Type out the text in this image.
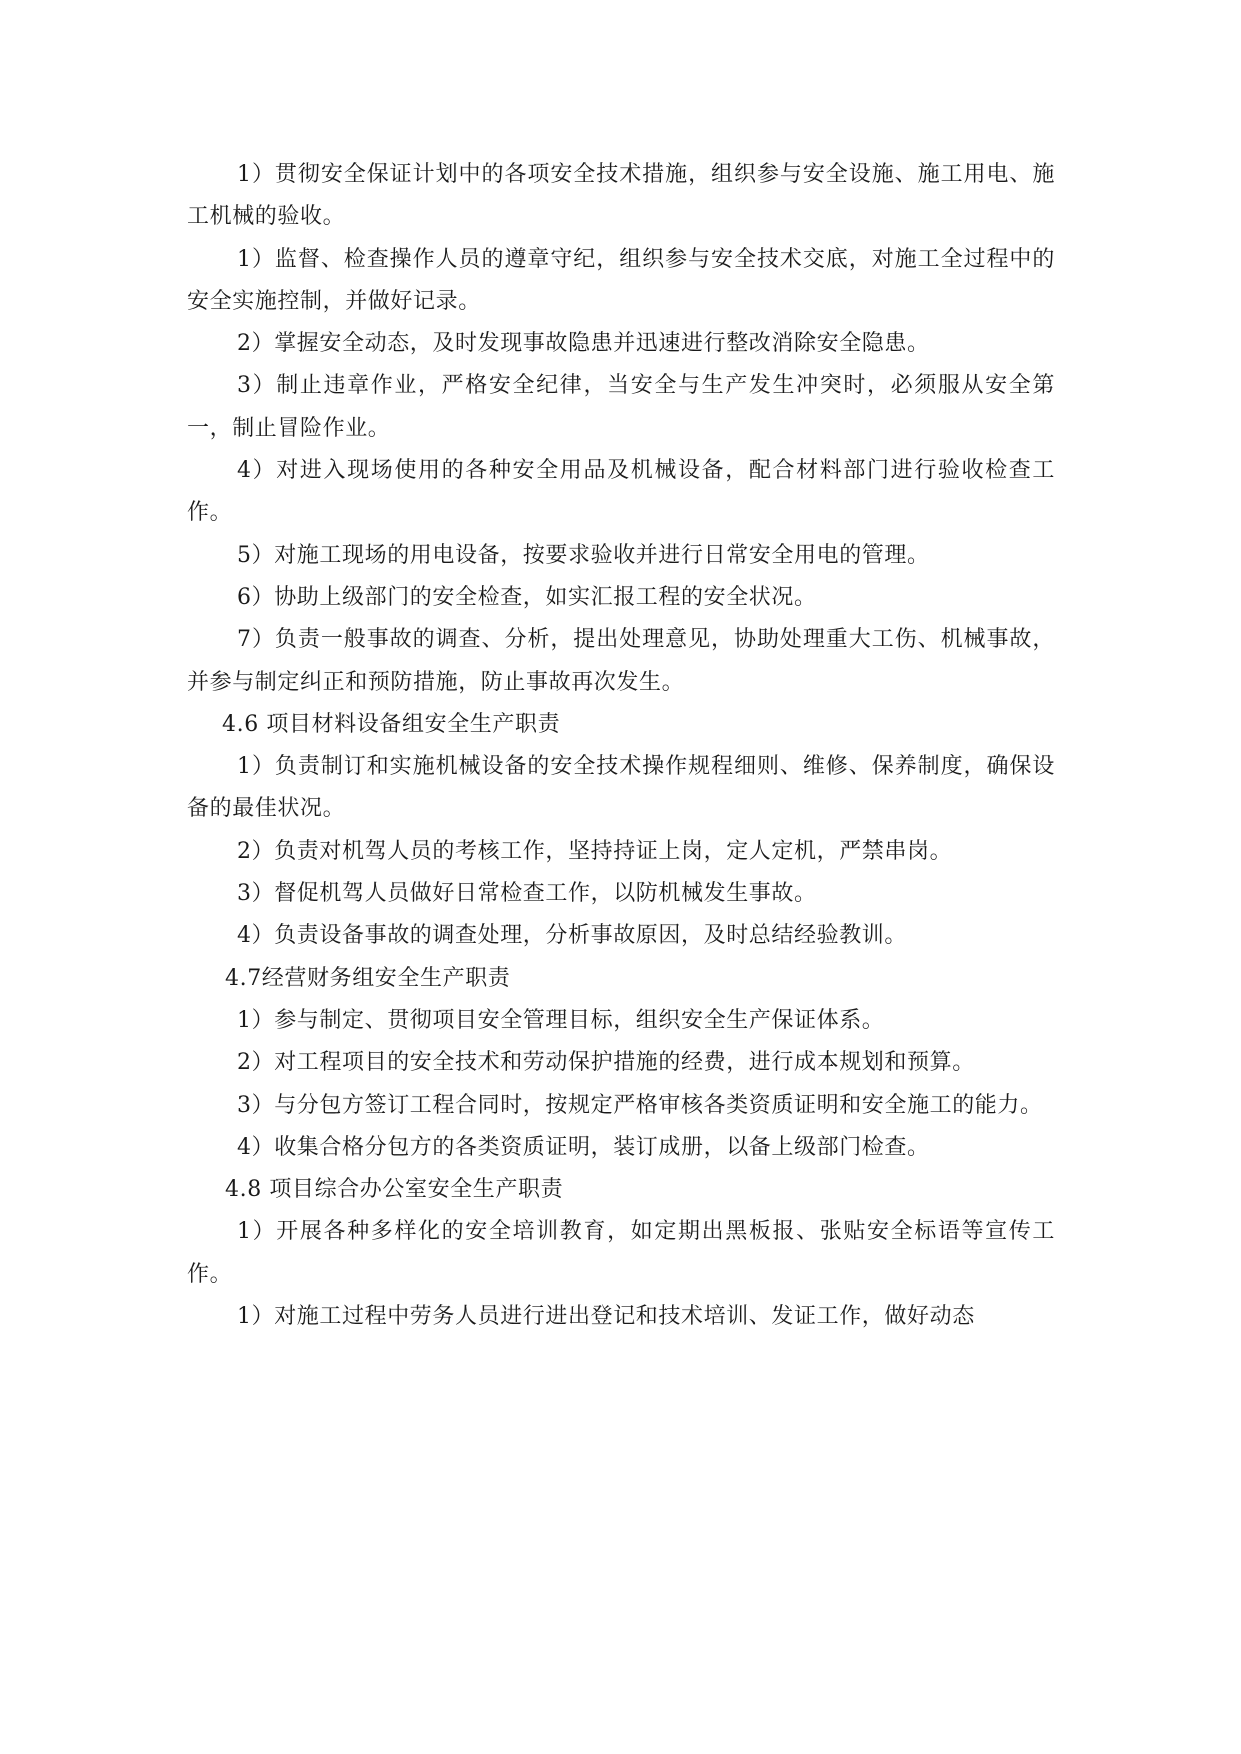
1）贯彻安全保证计划中的各项安全技术措施，组织参与安全设施、施工用电、施工机械的验收。

1）监督、检查操作人员的遵章守纪，组织参与安全技术交底，对施工全过程中的安全实施控制，并做好记录。

2）掌握安全动态，及时发现事故隐患并迅速进行整改消除安全隐患。

3）制止违章作业，严格安全纪律，当安全与生产发生冲突时，必须服从安全第一，制止冒险作业。

4）对进入现场使用的各种安全用品及机械设备，配合材料部门进行验收检查工作。

5）对施工现场的用电设备，按要求验收并进行日常安全用电的管理。

6）协助上级部门的安全检查，如实汇报工程的安全状况。

7）负责一般事故的调查、分析，提出处理意见，协助处理重大工伤、机械事故，并参与制定纠正和预防措施，防止事故再次发生。

4.6 项目材料设备组安全生产职责

1）负责制订和实施机械设备的安全技术操作规程细则、维修、保养制度，确保设备的最佳状况。

2）负责对机驾人员的考核工作，坚持持证上岗，定人定机，严禁串岗。

3）督促机驾人员做好日常检查工作，以防机械发生事故。

4）负责设备事故的调查处理，分析事故原因，及时总结经验教训。

4.7经营财务组安全生产职责

1）参与制定、贯彻项目安全管理目标，组织安全生产保证体系。

2）对工程项目的安全技术和劳动保护措施的经费，进行成本规划和预算。

3）与分包方签订工程合同时，按规定严格审核各类资质证明和安全施工的能力。

4）收集合格分包方的各类资质证明，装订成册，以备上级部门检查。

4.8 项目综合办公室安全生产职责

1）开展各种多样化的安全培训教育，如定期出黑板报、张贴安全标语等宣传工作。

1）对施工过程中劳务人员进行进出登记和技术培训、发证工作，做好动态
